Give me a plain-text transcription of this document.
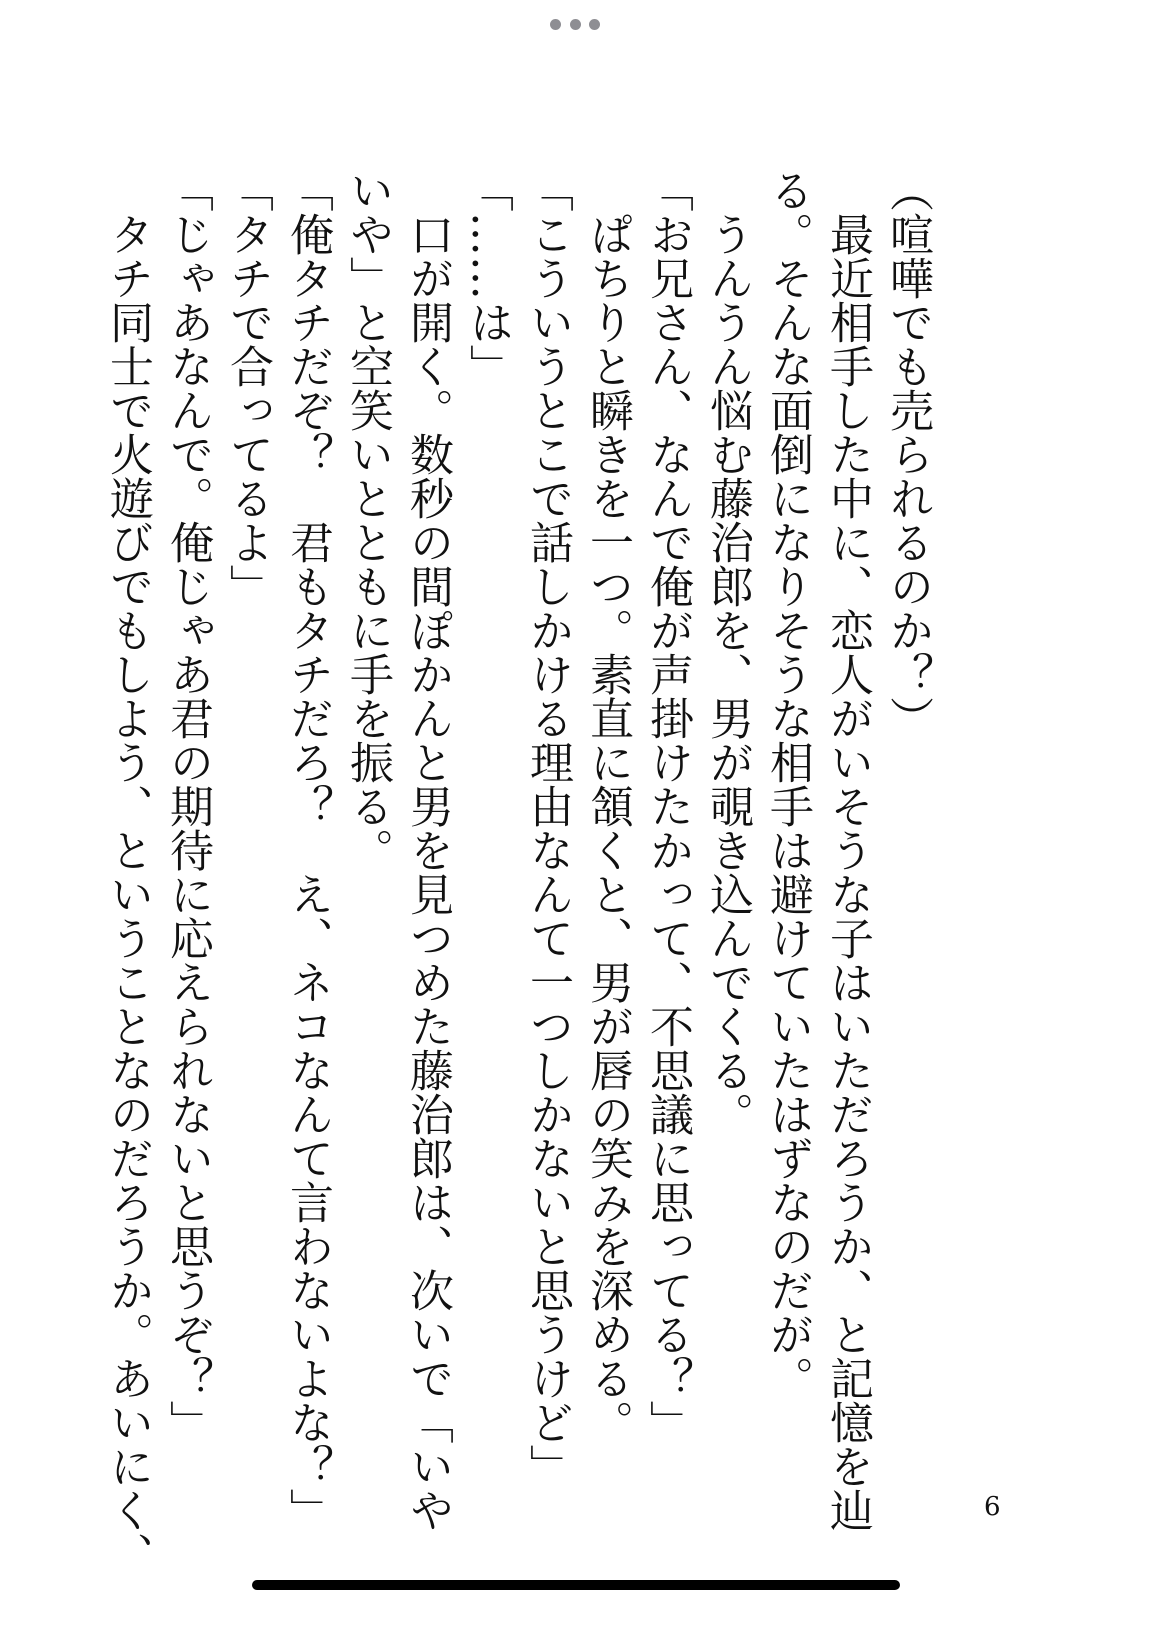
（喧嘩でも売られるのか？）
　最近相手した中に、恋人がいそうな子はいただろうか、と記憶を辿
る。そんな面倒になりそうな相手は避けていたはずなのだが。
　うんうん悩む藤治郎を、男が覗き込んでくる。
「お兄さん、なんで俺が声掛けたかって、不思議に思ってる？」
　ぱちりと瞬きを一つ。素直に頷くと、男が唇の笑みを深める。
「こういうとこで話しかける理由なんて一つしかないと思うけど」
「……は」
　口が開く。数秒の間ぽかんと男を見つめた藤治郎は、次いで「いや
いや」と空笑いとともに手を振る。
「俺タチだぞ？　君もタチだろ？　え、ネコなんて言わないよな？」
「タチで合ってるよ」
「じゃあなんで。俺じゃあ君の期待に応えられないと思うぞ？」
　タチ同士で火遊びでもしよう、ということなのだろうか。あいにく、	6
